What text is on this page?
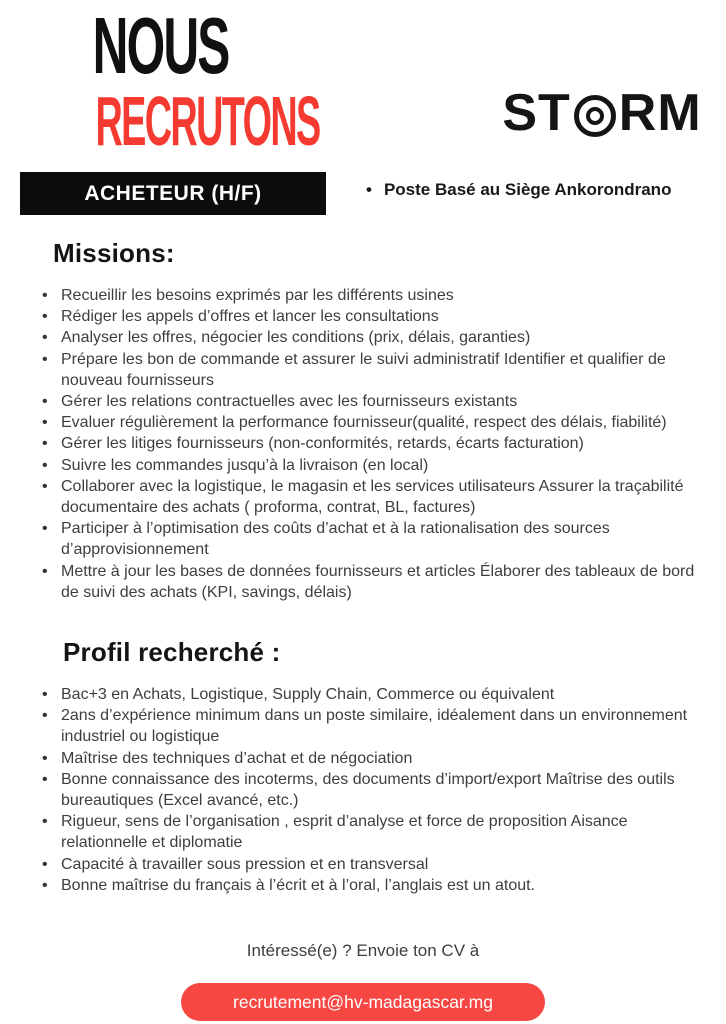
NOUS
RECRUTONS	ST RM
ACHETEUR (H/F)	• Poste Basé au Siège Ankorondrano
Missions:
• Recueillir les besoins exprimés par les différents usines
• Rédiger les appels d’offres et lancer les consultations
• Analyser les offres, négocier les conditions (prix, délais, garanties)
• Prépare les bon de commande et assurer le suivi administratif Identifier et qualifier de nouveau fournisseurs
• Gérer les relations contractuelles avec les fournisseurs existants
• Evaluer régulièrement la performance fournisseur(qualité, respect des délais, fiabilité)
• Gérer les litiges fournisseurs (non-conformités, retards, écarts facturation)
• Suivre les commandes jusqu’à la livraison (en local)
• Collaborer avec la logistique, le magasin et les services utilisateurs Assurer la traçabilité documentaire des achats ( proforma, contrat, BL, factures)
• Participer à l’optimisation des coûts d’achat et à la rationalisation des sources d’approvisionnement
• Mettre à jour les bases de données fournisseurs et articles Élaborer des tableaux de bord de suivi des achats (KPI, savings, délais)
Profil recherché :
• Bac+3 en Achats, Logistique, Supply Chain, Commerce ou équivalent
• 2ans d’expérience minimum dans un poste similaire, idéalement dans un environnement industriel ou logistique
• Maîtrise des techniques d’achat et de négociation
• Bonne connaissance des incoterms, des documents d’import/export Maîtrise des outils bureautiques (Excel avancé, etc.)
• Rigueur, sens de l’organisation , esprit d’analyse et force de proposition Aisance relationnelle et diplomatie
• Capacité à travailler sous pression et en transversal
• Bonne maîtrise du français à l’écrit et à l’oral, l’anglais est un atout.
Intéressé(e) ? Envoie ton CV à
recrutement@hv-madagascar.mg
